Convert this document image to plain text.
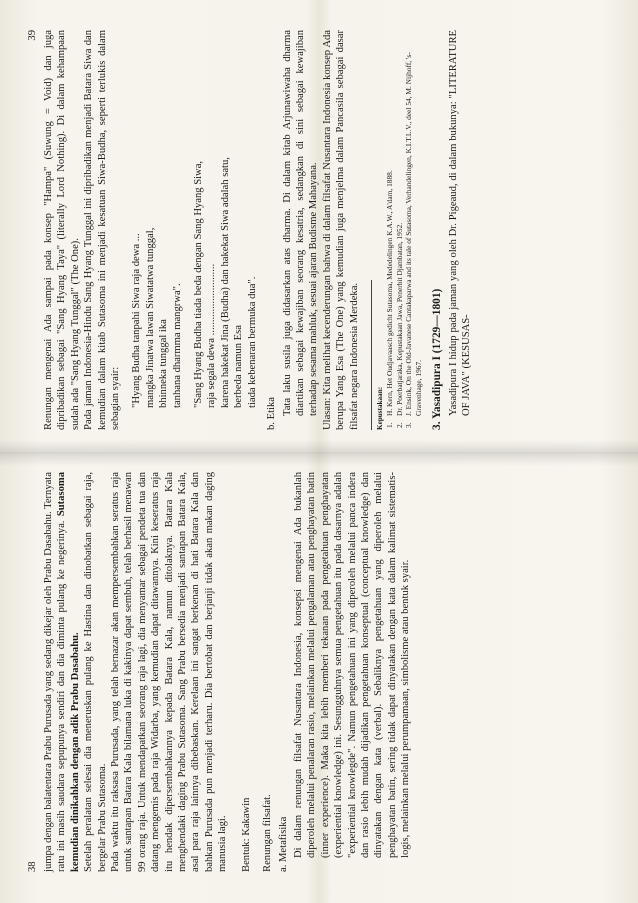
Renungan mengenai Ada sampai pada konsep "Hampa" (Suwung = Void) dan juga dipribadikan sebagai "Sang Hyang Taya" (literally Lord Nothing). Di dalam kehampaan sudah ada "Sang Hyang Tunggal" (The One). Pada jaman Indonesia-Hindu Sang Hyang Tunggal ini dipribadikan menjadi Batara Siwa dan kemudian dalam kitab Sutasoma ini menjadi kesatuan Siwa-Budha, seperti terlukis dalam sebagian syair: "Hyang Budha tanpahi Siwa raja dewa ... mangka Jinatwa lawan Siwatatwa tunggal, bhinneka tunggal ika tanhana dharmma mangrwa". "Sang Hyang Budha tiada beda dengan Sang Hyang Siwa, raja segala dewa ........................... karena hakekat Jina (Budha) dan hakekat Siwa adalah satu, berbeda namun Esa tiada kebenaran bermuka dua".

b. Etika Tata laku susila juga didasarkan atas dharma. Di dalam kitab Arjunawiwaha dharma diartikan sebagai kewajiban seorang kesatria, sedangkan di sini sebagai kewajiban terhadap sesama mahluk, sesuai ajaran Budisme Mahayana. Ulasan: Kita melihat kecenderungan bahwa di dalam filsafat Nusantara Indonesia konsep Ada berupa Yang Esa (The One) yang kemudian juga menjelma dalam Pancasila sebagai dasar filsafat negara Indonesia Merdeka. Kepustakaan: 1.H. Kern, Het Oudjavaasch gedicht Sutasoma, Mededelingen K.A.W., A'dam, 1888.

2.Dr. Poerbatjaraka, Kepustakaan Jawa, Penerbit Djambatan, 1952.

3.J. Ensink, On the Old-Javanese Cantakaparwa and its tale of Sutasoma, Verhandelingen, K.I.T.L.V., deel 54, M. Nijhoff, 's-Gravenhage, 1967. 3. Yasadipura I (1729—1801) Yasadipura I hidup pada jaman yang oleh Dr. Pigeaud, di dalam bukunya: "LITERATURE OF JAVA" (KESUSAS-

39

jumpa dengan balatentara Prabu Purusada yang sedang dikejar oleh Prabu Dasabahu. Ternyata ratu ini masih saudara sepupunya sendiri dan dia diminta pulang ke negerinya. Sutasoma kemudian dinikahkan dengan adik Prabu Dasabahu. Setelah peralatan selesai dia meneruskan pulang ke Hastina dan dinobatkan sebagai raja, bergelar Prabu Sutasoma. Pada waktu itu raksasa Purusada, yang telah bernazar akan mempersembahkan seratus raja untuk santapan Batara Kala bilamana luka di kakinya dapat sembuh, telah berhasil menawan 99 orang raja. Untuk mendapatkan seorang raja lagi, dia menyamar sebagai pendeta tua dan datang mengemis pada raja Widarba, yang kemudian dapat ditawannya. Kini keseratus raja itu hendak dipersembahkannya kepada Batara Kala, namun ditolaknya. Batara Kala menghendaki daging Prabu Sutasoma. Sang Prabu bersedia menjadi santapan Batara Kala, asal para raja lainnya dibebaskan. Kerelaan ini sangat berkenan di hati Batara Kala dan bahkan Purusada pun menjadi terharu. Dia bertobat dan berjanji tidak akan makan daging manusia lagi. Bentuk: Kakawin Renungan filsafat. a. Metafisika Di dalam renungan filsafat Nusantara Indonesia, konsepsi mengenai Ada bukanlah diperoleh melalui penalaran rasio, melainkan melalui pengalaman atau penghayatan batin (inner experience). Maka kita lebih memberi tekanan pada pengetahuan penghayatan (experiential knowledge) ini. Sesungguhnya semua pengetahuan itu pada dasarnya adalah "experiential knowlegde". Namun pengetahuan ini yang diperoleh melalui panca indera dan rasio lebih mudah dijadikan pengetahuan konseptual (conceptual knowledge) dan dinyatakan dengan kata (verbal). Sebaliknya pengetahuan yang diperoleh melalui penghayatan batin, sering tidak dapat dinyatakan dengan kata dalam kalimat sistematis-logis, melainkan melalui perumpamaan, simbolisme atau bentuk syair.

38
